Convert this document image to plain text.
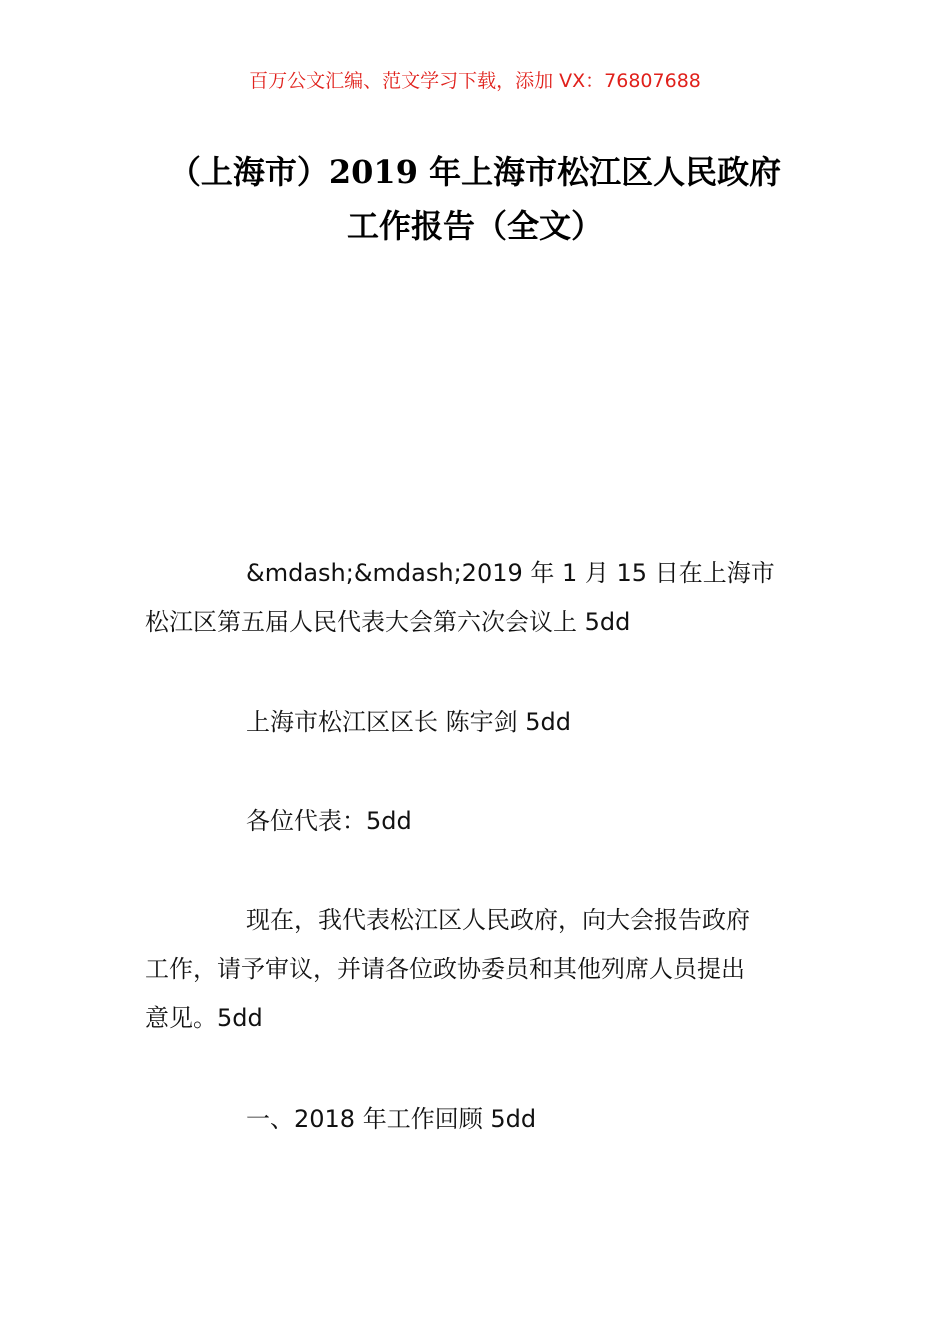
百万公文汇编、范文学习下载，添加 VX：76807688
（上海市）2019 年上海市松江区人民政府
工作报告（全文）
&mdash;&mdash;2019 年 1 月 15 日在上海市
松江区第五届人民代表大会第六次会议上 5dd
上海市松江区区长 陈宇剑 5dd
各位代表：5dd
现在，我代表松江区人民政府，向大会报告政府
工作，请予审议，并请各位政协委员和其他列席人员提出
意见。5dd
一、2018 年工作回顾 5dd
